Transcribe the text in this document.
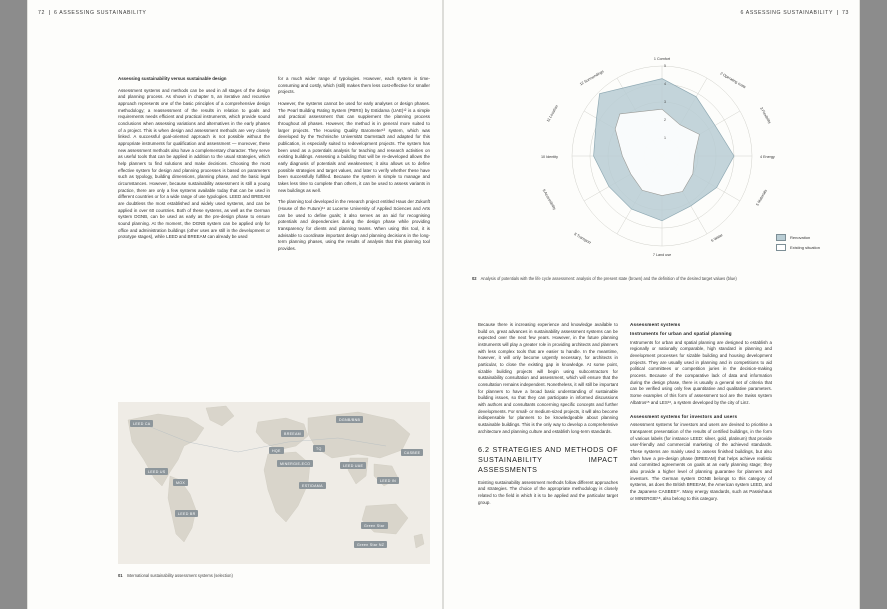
72 6 ASSESSING SUSTAINABILITY	6 ASSESSING SUSTAINABILITY 73

Assessing sustainability versus sustainable design

Assessment systems and methods can be used in all stages of the design and planning process. As shown in chapter 5, an iterative and recursive approach represents one of the basic principles of a comprehensive design methodology; a reassessment of the results in relation to goals and requirements needs efficient and practical instruments, which provide sound conclusions when assessing variations and alternatives in the early phases of a project. This is when design and assessment methods are very closely linked. A successful goal-oriented approach is not possible without the appropriate instruments for qualification and assessment — moreover, these new assessment methods also have a complementary character. They serve as useful tools that can be applied in addition to the usual strategies, which help planners to find solutions and make decisions. Choosing the most effective system for design and planning processes is based on parameters such as typology, building dimensions, planning phase, and the basic legal circumstances. However, because sustainability assessment is still a young practice, there are only a few systems available today that can be used in different countries or for a wide range of use typologies. LEED and BREEAM are doubtless the most established and widely used systems, and can be applied in over 60 countries. Both of these systems, as well as the German system DGNB, can be used as early as the pre-design phase to ensure sound planning. At the moment, the DGNB system can be applied only for office and administration buildings (other uses are still in the development or prototype stages), while LEED and BREEAM can already be used

for a much wider range of typologies. However, each system is time-consuming and costly, which (still) makes them less cost-effective for smaller projects.

However, the systems cannot be used for early analyses or design phases. The Pearl Building Rating System (PBRS) by Estidama (UAE)¹² is a simple and practical assessment that can supplement the planning process throughout all phases. However, the method is in general more suited to larger projects. The Housing Quality Barometer¹³ system, which was developed by the Technische Universität Darmstadt and adapted for this publication, is especially suited to redevelopment projects. The system has been used as a potentials analysis for teaching and research activities on existing buildings. Assessing a building that will be re-developed allows the early diagnosis of potentials and weaknesses; it also allows us to define possible strategies and target values, and later to verify whether these have been successfully fulfilled. Because the system is simple to manage and takes less time to complete than others, it can be used to assess variants in new buildings as well.

The planning tool developed in the research project entitled Haus der Zukunft (House of the Future)¹⁴ at Lucerne University of Applied Sciences and Arts can be used to define goals; it also serves as an aid for recognising potentials and dependencies during the design phase while providing transparency for clients and planning teams. When using this tool, it is advisable to coordinate important design and planning decisions in the long-term planning phases, using the results of analysis that this planning tool provides.

LEED CA
DGNB/BNB
BREEAM
HQE	TQ
MINERGIE-ECO	LEED UAE
CASBEE
LEED IN
LEED US
MOX
ESTIDAMA
LEED BR
Green Star
Green Star NZ
01 International sustainability assessment systems (selection)
1
2
3
4
5
1 Comfort
2 Operating costs
3 Flexibility
4 Energy
5 Materials
6 Water
7 Land use
8 Transport
9 Accessibility
10 Identity
11 Location
12 Surroundings
Renovation
Existing situation
02 Analysis of potentials with the life cycle assessment: analysis of the present state (brown) and the definition of the desired target values (blue)

Because there is increasing experience and knowledge available to build on, great advances in sustainability assessment systems can be expected over the next few years. However, in the future planning instruments will play a greater role in providing architects and planners with less complex tools that are easier to handle. In the meantime, however, it will only become urgently necessary, for architects in particular, to close the existing gap in knowledge. At some point, sizable building projects will begin using subcontractors for sustainability consultation and assessment, which will ensure that the consultation remains independent. Nonetheless, it will still be important for planners to have a broad basic understanding of sustainable building issues, so that they can participate in informed discussions with authors and consultants concerning specific concepts and further developments. For small- or medium-sized projects, it will also become indispensable for planners to be knowledgeable about planning sustainable buildings. This is the only way to develop a comprehensive architecture and planning culture and establish long-term standards.

6.2 STRATEGIES AND METHODS OF SUSTAINABILITY IMPACT ASSESSMENTS

Existing sustainability assessment methods follow different approaches and strategies. The choice of the appropriate methodology is closely related to the field in which it is to be applied and the particular target group.

Assessment systems
Instruments for urban and spatial planning

Instruments for urban and spatial planning are designed to establish a regionally or nationally comparable, high standard in planning and development processes for sizable building and housing development projects. They are usually used in planning and in competitions to aid political committees or competition juries in the decision-making process. Because of the comparative lack of data and information during the design phase, there is usually a general set of criteria that can be verified using only few quantitative and qualitative parameters. Some examples of this form of assessment tool are the Swiss system Albatros¹⁵ and LES¹⁶, a system developed by the city of Linz.

Assessment systems for investors and users

Assessment systems for investors and users are devised to prioritise a transparent presentation of the results of certified buildings, in the form of various labels (for instance LEED: silver, gold, platinum) that provide user-friendly and commercial marketing of the achieved standards. These systems are mainly used to assess finished buildings, but also often have a pre-design phase (BREEAM) that helps achieve realistic and committed agreements on goals at an early planning stage; they also provide a higher level of planning guarantee for planners and investors. The German system DGNB belongs to this category of systems, as does the British BREEAM, the American system LEED, and the Japanese CASBEE¹⁷. Many energy standards, such as Passivhaus or MINERGIE¹⁸, also belong to this category.
